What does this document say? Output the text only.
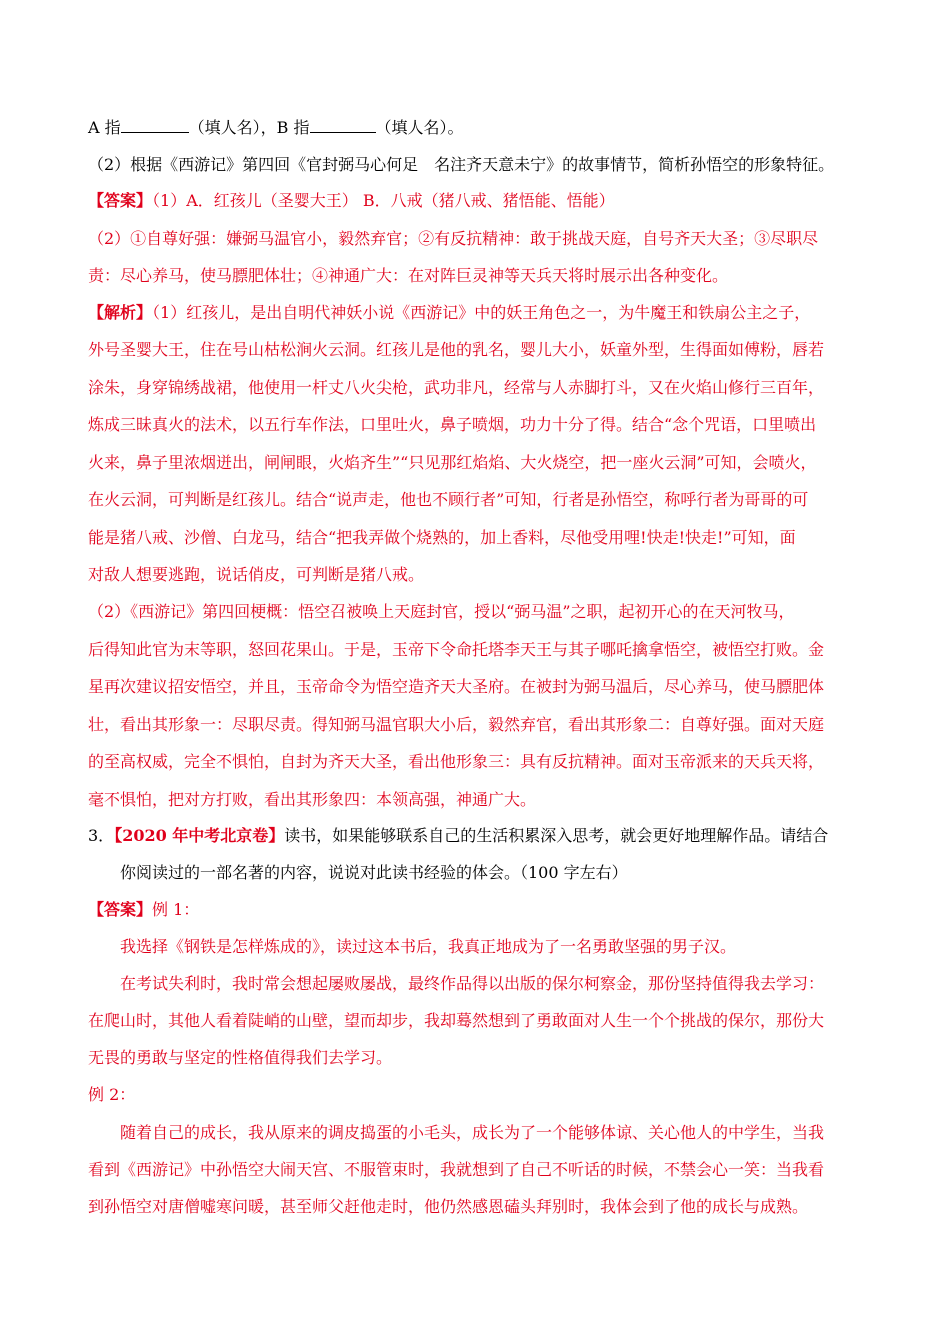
A 指	（填人名），B 指	（填人名）。
（2）根据《西游记》第四回《官封弼马心何足　名注齐天意未宁》的故事情节，简析孙悟空的形象特征。
【答案】（1）A．红孩儿（圣婴大王） B．八戒（猪八戒、猪悟能、悟能）
（2）①自尊好强：嫌弼马温官小，毅然弃官；②有反抗精神：敢于挑战天庭，自号齐天大圣；③尽职尽
责：尽心养马，使马膘肥体壮；④神通广大：在对阵巨灵神等天兵天将时展示出各种变化。
【解析】（1）红孩儿，是出自明代神妖小说《西游记》中的妖王角色之一，为牛魔王和铁扇公主之子，
外号圣婴大王，住在号山枯松涧火云洞。红孩儿是他的乳名，婴儿大小，妖童外型，生得面如傅粉，唇若
涂朱，身穿锦绣战裙，他使用一杆丈八火尖枪，武功非凡，经常与人赤脚打斗，又在火焰山修行三百年，
炼成三昧真火的法术，以五行车作法，口里吐火，鼻子喷烟，功力十分了得。结合“念个咒语，口里喷出
火来，鼻子里浓烟迸出，闸闸眼，火焰齐生”“只见那红焰焰、大火烧空，把一座火云洞”可知，会喷火，
在火云洞，可判断是红孩儿。结合“说声走，他也不顾行者”可知，行者是孙悟空，称呼行者为哥哥的可
能是猪八戒、沙僧、白龙马，结合“把我弄做个烧熟的，加上香料，尽他受用哩!快走!快走!”可知，面
对敌人想要逃跑，说话俏皮，可判断是猪八戒。
（2）《西游记》第四回梗概：悟空召被唤上天庭封官，授以“弼马温”之职，起初开心的在天河牧马，
后得知此官为末等职，怒回花果山。于是，玉帝下令命托塔李天王与其子哪吒擒拿悟空，被悟空打败。金
星再次建议招安悟空，并且，玉帝命令为悟空造齐天大圣府。在被封为弼马温后，尽心养马，使马膘肥体
壮，看出其形象一：尽职尽责。得知弼马温官职大小后，毅然弃官，看出其形象二：自尊好强。面对天庭
的至高权威，完全不惧怕，自封为齐天大圣，看出他形象三：具有反抗精神。面对玉帝派来的天兵天将，
毫不惧怕，把对方打败，看出其形象四：本领高强，神通广大。
3．【2020 年中考北京卷】读书，如果能够联系自己的生活积累深入思考，就会更好地理解作品。请结合
你阅读过的一部名著的内容，说说对此读书经验的体会。（100 字左右）
【答案】例 1：
我选择《钢铁是怎样炼成的》，读过这本书后，我真正地成为了一名勇敢坚强的男子汉。
在考试失利时，我时常会想起屡败屡战，最终作品得以出版的保尔柯察金，那份坚持值得我去学习：
在爬山时，其他人看着陡峭的山壁，望而却步，我却蓦然想到了勇敢面对人生一个个挑战的保尔，那份大
无畏的勇敢与坚定的性格值得我们去学习。
例 2：
随着自己的成长，我从原来的调皮捣蛋的小毛头，成长为了一个能够体谅、关心他人的中学生，当我
看到《西游记》中孙悟空大闹天宫、不服管束时，我就想到了自己不听话的时候，不禁会心一笑：当我看
到孙悟空对唐僧嘘寒问暖，甚至师父赶他走时，他仍然感恩磕头拜别时，我体会到了他的成长与成熟。
